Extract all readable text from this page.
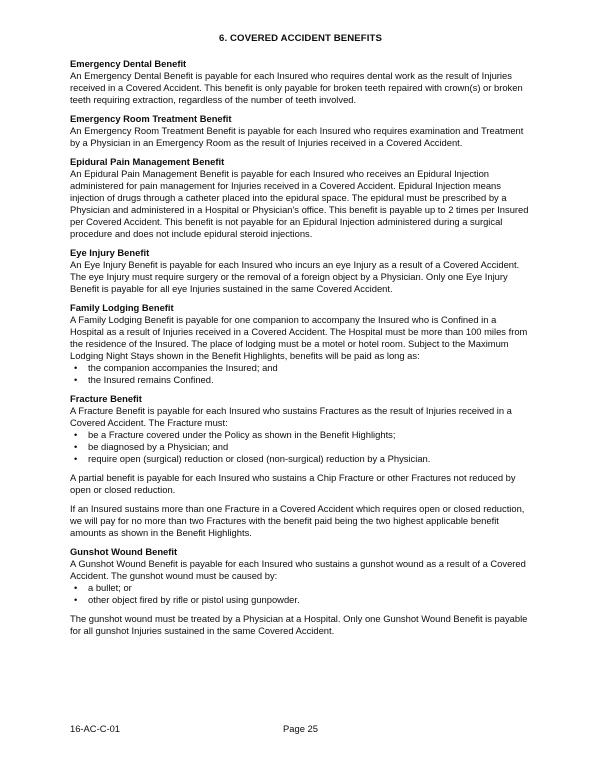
6. COVERED ACCIDENT BENEFITS
Emergency Dental Benefit

An Emergency Dental Benefit is payable for each Insured who requires dental work as the result of Injuries received in a Covered Accident. This benefit is only payable for broken teeth repaired with crown(s) or broken teeth requiring extraction, regardless of the number of teeth involved.

Emergency Room Treatment Benefit

An Emergency Room Treatment Benefit is payable for each Insured who requires examination and Treatment by a Physician in an Emergency Room as the result of Injuries received in a Covered Accident.

Epidural Pain Management Benefit

An Epidural Pain Management Benefit is payable for each Insured who receives an Epidural Injection administered for pain management for Injuries received in a Covered Accident. Epidural Injection means injection of drugs through a catheter placed into the epidural space. The epidural must be prescribed by a Physician and administered in a Hospital or Physician's office. This benefit is payable up to 2 times per Insured per Covered Accident. This benefit is not payable for an Epidural Injection administered during a surgical procedure and does not include epidural steroid injections.

Eye Injury Benefit

An Eye Injury Benefit is payable for each Insured who incurs an eye Injury as a result of a Covered Accident. The eye Injury must require surgery or the removal of a foreign object by a Physician. Only one Eye Injury Benefit is payable for all eye Injuries sustained in the same Covered Accident.

Family Lodging Benefit

A Family Lodging Benefit is payable for one companion to accompany the Insured who is Confined in a Hospital as a result of Injuries received in a Covered Accident. The Hospital must be more than 100 miles from the residence of the Insured. The place of lodging must be a motel or hotel room. Subject to the Maximum Lodging Night Stays shown in the Benefit Highlights, benefits will be paid as long as:

• the companion accompanies the Insured; and
• the Insured remains Confined.
Fracture Benefit

A Fracture Benefit is payable for each Insured who sustains Fractures as the result of Injuries received in a Covered Accident. The Fracture must:

• be a Fracture covered under the Policy as shown in the Benefit Highlights;
• be diagnosed by a Physician; and
• require open (surgical) reduction or closed (non-surgical) reduction by a Physician.

A partial benefit is payable for each Insured who sustains a Chip Fracture or other Fractures not reduced by open or closed reduction.

If an Insured sustains more than one Fracture in a Covered Accident which requires open or closed reduction, we will pay for no more than two Fractures with the benefit paid being the two highest applicable benefit amounts as shown in the Benefit Highlights.

Gunshot Wound Benefit

A Gunshot Wound Benefit is payable for each Insured who sustains a gunshot wound as a result of a Covered Accident. The gunshot wound must be caused by:

• a bullet; or
• other object fired by rifle or pistol using gunpowder.

The gunshot wound must be treated by a Physician at a Hospital. Only one Gunshot Wound Benefit is payable for all gunshot Injuries sustained in the same Covered Accident.

16-AC-C-01	Page 25
